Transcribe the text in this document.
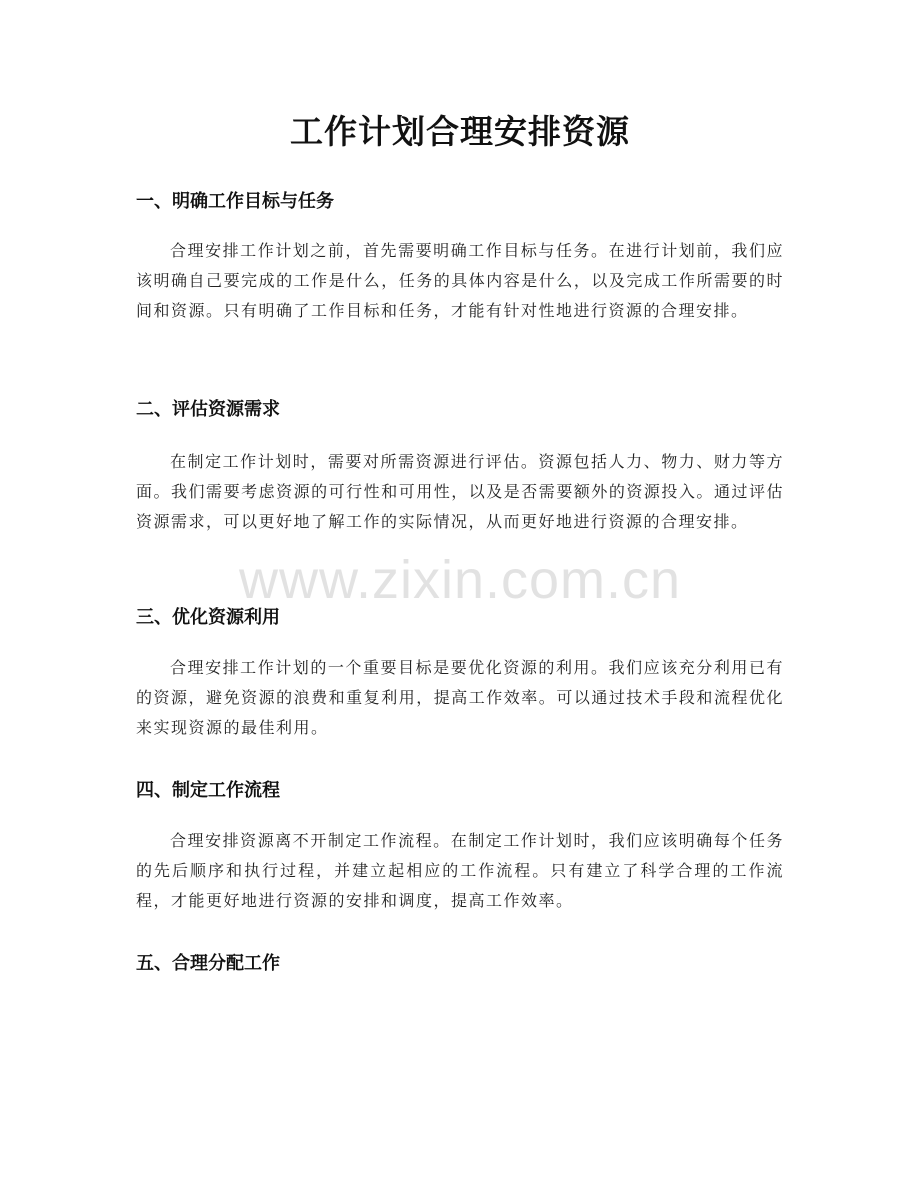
工作计划合理安排资源
一、明确工作目标与任务
合理安排工作计划之前，首先需要明确工作目标与任务。在进行计划前，我们应该明确自己要完成的工作是什么，任务的具体内容是什么，以及完成工作所需要的时间和资源。只有明确了工作目标和任务，才能有针对性地进行资源的合理安排。
二、评估资源需求
在制定工作计划时，需要对所需资源进行评估。资源包括人力、物力、财力等方面。我们需要考虑资源的可行性和可用性，以及是否需要额外的资源投入。通过评估资源需求，可以更好地了解工作的实际情况，从而更好地进行资源的合理安排。
三、优化资源利用
合理安排工作计划的一个重要目标是要优化资源的利用。我们应该充分利用已有的资源，避免资源的浪费和重复利用，提高工作效率。可以通过技术手段和流程优化来实现资源的最佳利用。
四、制定工作流程
合理安排资源离不开制定工作流程。在制定工作计划时，我们应该明确每个任务的先后顺序和执行过程，并建立起相应的工作流程。只有建立了科学合理的工作流程，才能更好地进行资源的安排和调度，提高工作效率。
五、合理分配工作
www.zixin.com.cn
